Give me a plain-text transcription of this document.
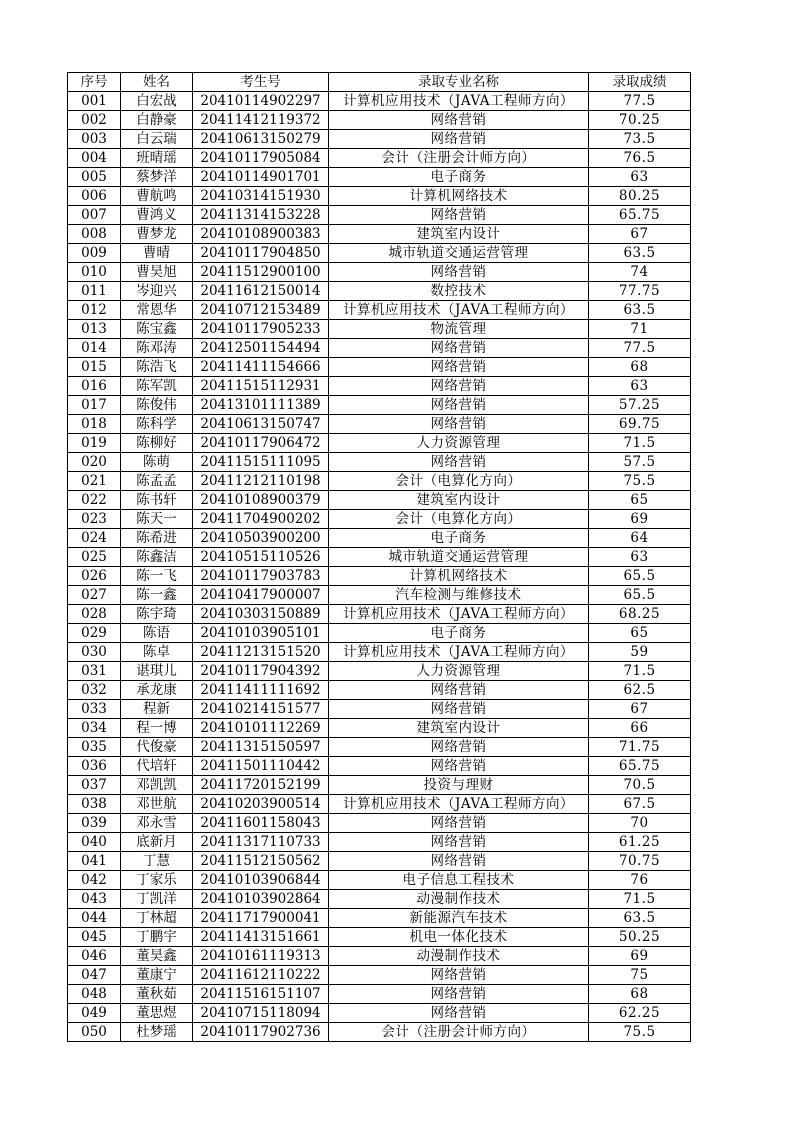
序号	姓名	考生号	录取专业名称	录取成绩
001	白宏战	20410114902297	计算机应用技术（JAVA工程师方向）	77.5
002	白静豪	20411412119372	网络营销	70.25
003	白云瑞	20410613150279	网络营销	73.5
004	班晴瑶	20410117905084	会计（注册会计师方向）	76.5
005	蔡梦洋	20410114901701	电子商务	63
006	曹航鸣	20410314151930	计算机网络技术	80.25
007	曹鸿义	20411314153228	网络营销	65.75
008	曹梦龙	20410108900383	建筑室内设计	67
009	曹晴	20410117904850	城市轨道交通运营管理	63.5
010	曹昊旭	20411512900100	网络营销	74
011	岑迎兴	20411612150014	数控技术	77.75
012	常恩华	20410712153489	计算机应用技术（JAVA工程师方向）	63.5
013	陈宝鑫	20410117905233	物流管理	71
014	陈邓涛	20412501154494	网络营销	77.5
015	陈浩飞	20411411154666	网络营销	68
016	陈军凯	20411515112931	网络营销	63
017	陈俊伟	20413101111389	网络营销	57.25
018	陈科学	20410613150747	网络营销	69.75
019	陈柳好	20410117906472	人力资源管理	71.5
020	陈萌	20411515111095	网络营销	57.5
021	陈孟孟	20411212110198	会计（电算化方向）	75.5
022	陈书轩	20410108900379	建筑室内设计	65
023	陈天一	20411704900202	会计（电算化方向）	69
024	陈希进	20410503900200	电子商务	64
025	陈鑫洁	20410515110526	城市轨道交通运营管理	63
026	陈一飞	20410117903783	计算机网络技术	65.5
027	陈一鑫	20410417900007	汽车检测与维修技术	65.5
028	陈宇琦	20410303150889	计算机应用技术（JAVA工程师方向）	68.25
029	陈语	20410103905101	电子商务	65
030	陈卓	20411213151520	计算机应用技术（JAVA工程师方向）	59
031	谌琪儿	20410117904392	人力资源管理	71.5
032	承龙康	20411411111692	网络营销	62.5
033	程新	20410214151577	网络营销	67
034	程一博	20410101112269	建筑室内设计	66
035	代俊豪	20411315150597	网络营销	71.75
036	代培轩	20411501110442	网络营销	65.75
037	邓凯凯	20411720152199	投资与理财	70.5
038	邓世航	20410203900514	计算机应用技术（JAVA工程师方向）	67.5
039	邓永雪	20411601158043	网络营销	70
040	底新月	20411317110733	网络营销	61.25
041	丁慧	20411512150562	网络营销	70.75
042	丁家乐	20410103906844	电子信息工程技术	76
043	丁凯洋	20410103902864	动漫制作技术	71.5
044	丁林超	20411717900041	新能源汽车技术	63.5
045	丁鹏宇	20411413151661	机电一体化技术	50.25
046	董昊鑫	20410161119313	动漫制作技术	69
047	董康宁	20411612110222	网络营销	75
048	董秋茹	20411516151107	网络营销	68
049	董思煜	20410715118094	网络营销	62.25
050	杜梦瑶	20410117902736	会计（注册会计师方向）	75.5
